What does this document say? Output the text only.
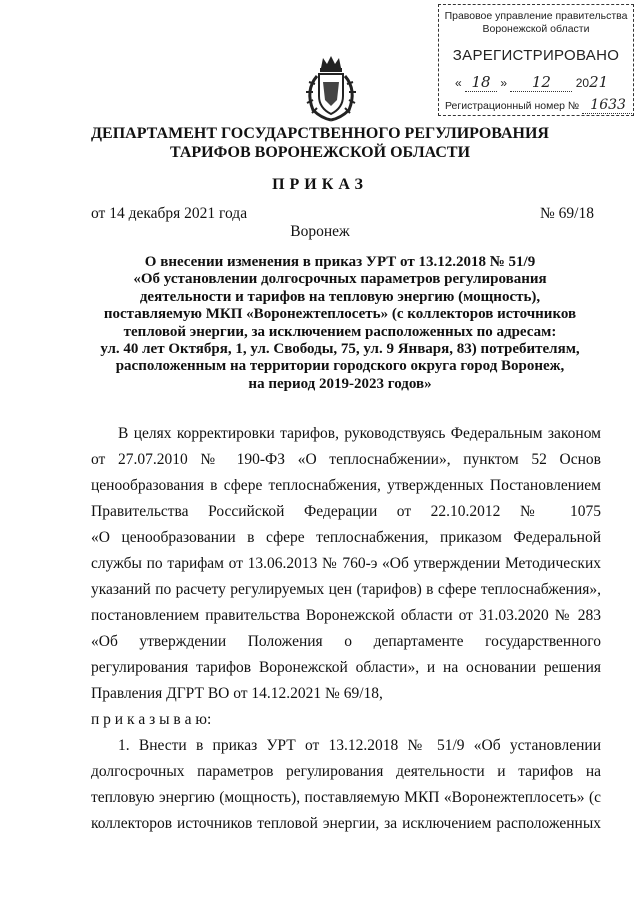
Правовое управление правительства
Воронежской области
ЗАРЕГИСТРИРОВАНО
« 18 » 12 2021
Регистрационный номер № 1633
ДЕПАРТАМЕНТ ГОСУДАРСТВЕННОГО РЕГУЛИРОВАНИЯ
ТАРИФОВ ВОРОНЕЖСКОЙ ОБЛАСТИ
ПРИКАЗ
от 14 декабря 2021 года	№ 69/18
Воронеж
О внесении изменения в приказ УРТ от 13.12.2018 № 51/9
«Об установлении долгосрочных параметров регулирования
деятельности и тарифов на тепловую энергию (мощность),
поставляемую МКП «Воронежтеплосеть» (с коллекторов источников
тепловой энергии, за исключением расположенных по адресам:
ул. 40 лет Октября, 1, ул. Свободы, 75, ул. 9 Января, 83) потребителям,
расположенным на территории городского округа город Воронеж,
на период 2019-2023 годов»
В целях корректировки тарифов, руководствуясь Федеральным законом
от 27.07.2010 № 190-ФЗ «О теплоснабжении», пунктом 52 Основ
ценообразования в сфере теплоснабжения, утвержденных Постановлением
Правительства Российской Федерации от 22.10.2012 № 1075
«О ценообразовании в сфере теплоснабжения, приказом Федеральной
службы по тарифам от 13.06.2013 № 760-э «Об утверждении Методических
указаний по расчету регулируемых цен (тарифов) в сфере теплоснабжения»,
постановлением правительства Воронежской области от 31.03.2020 № 283
«Об утверждении Положения о департаменте государственного
регулирования тарифов Воронежской области», и на основании решения
Правления ДГРТ ВО от 14.12.2021 № 69/18,
п р и к а з ы в а ю:
1. Внести в приказ УРТ от 13.12.2018 № 51/9 «Об установлении
долгосрочных параметров регулирования деятельности и тарифов на
тепловую энергию (мощность), поставляемую МКП «Воронежтеплосеть» (с
коллекторов источников тепловой энергии, за исключением расположенных
